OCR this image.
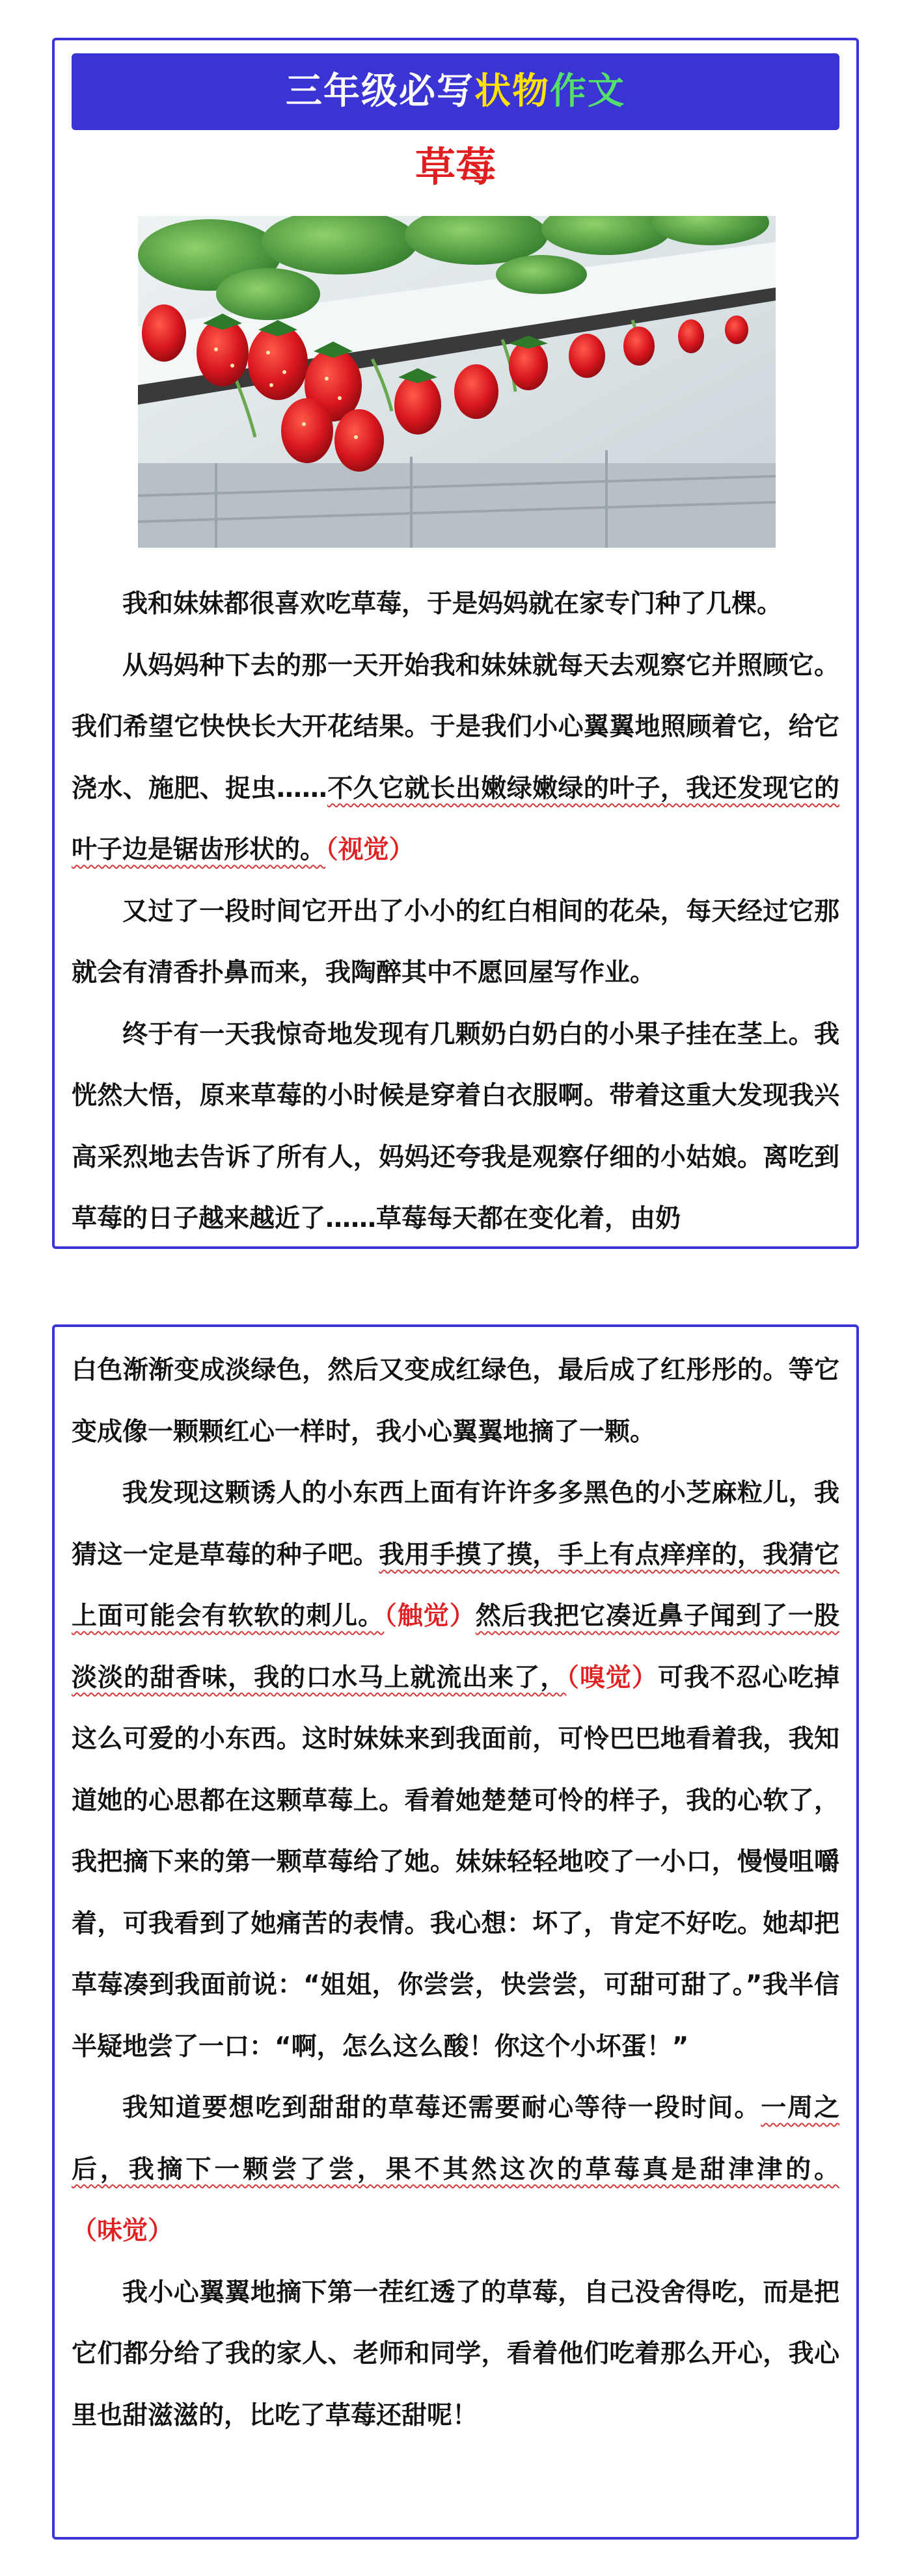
三年级必写状物作文
草莓

我和妹妹都很喜欢吃草莓，于是妈妈就在家专门种了几棵。

从妈妈种下去的那一天开始我和妹妹就每天去观察它并照顾它。我们希望它快快长大开花结果。于是我们小心翼翼地照顾着它，给它浇水、施肥、捉虫……不久它就长出嫩绿嫩绿的叶子，我还发现它的叶子边是锯齿形状的。（视觉）

又过了一段时间它开出了小小的红白相间的花朵，每天经过它那就会有清香扑鼻而来，我陶醉其中不愿回屋写作业。

终于有一天我惊奇地发现有几颗奶白奶白的小果子挂在茎上。我恍然大悟，原来草莓的小时候是穿着白衣服啊。带着这重大发现我兴高采烈地去告诉了所有人，妈妈还夸我是观察仔细的小姑娘。离吃到草莓的日子越来越近了……草莓每天都在变化着，由奶

白色渐渐变成淡绿色，然后又变成红绿色，最后成了红彤彤的。等它变成像一颗颗红心一样时，我小心翼翼地摘了一颗。

我发现这颗诱人的小东西上面有许许多多黑色的小芝麻粒儿，我猜这一定是草莓的种子吧。我用手摸了摸，手上有点痒痒的，我猜它上面可能会有软软的刺儿。（触觉）然后我把它凑近鼻子闻到了一股淡淡的甜香味，我的口水马上就流出来了，（嗅觉）可我不忍心吃掉这么可爱的小东西。这时妹妹来到我面前，可怜巴巴地看着我，我知道她的心思都在这颗草莓上。看着她楚楚可怜的样子，我的心软了，我把摘下来的第一颗草莓给了她。妹妹轻轻地咬了一小口，慢慢咀嚼着，可我看到了她痛苦的表情。我心想：坏了，肯定不好吃。她却把草莓凑到我面前说：“姐姐，你尝尝，快尝尝，可甜可甜了。”我半信半疑地尝了一口：“啊，怎么这么酸！你这个小坏蛋！”

我知道要想吃到甜甜的草莓还需要耐心等待一段时间。一周之后，我摘下一颗尝了尝，果不其然这次的草莓真是甜津津的。（味觉）

我小心翼翼地摘下第一茬红透了的草莓，自己没舍得吃，而是把它们都分给了我的家人、老师和同学，看着他们吃着那么开心，我心里也甜滋滋的，比吃了草莓还甜呢！
